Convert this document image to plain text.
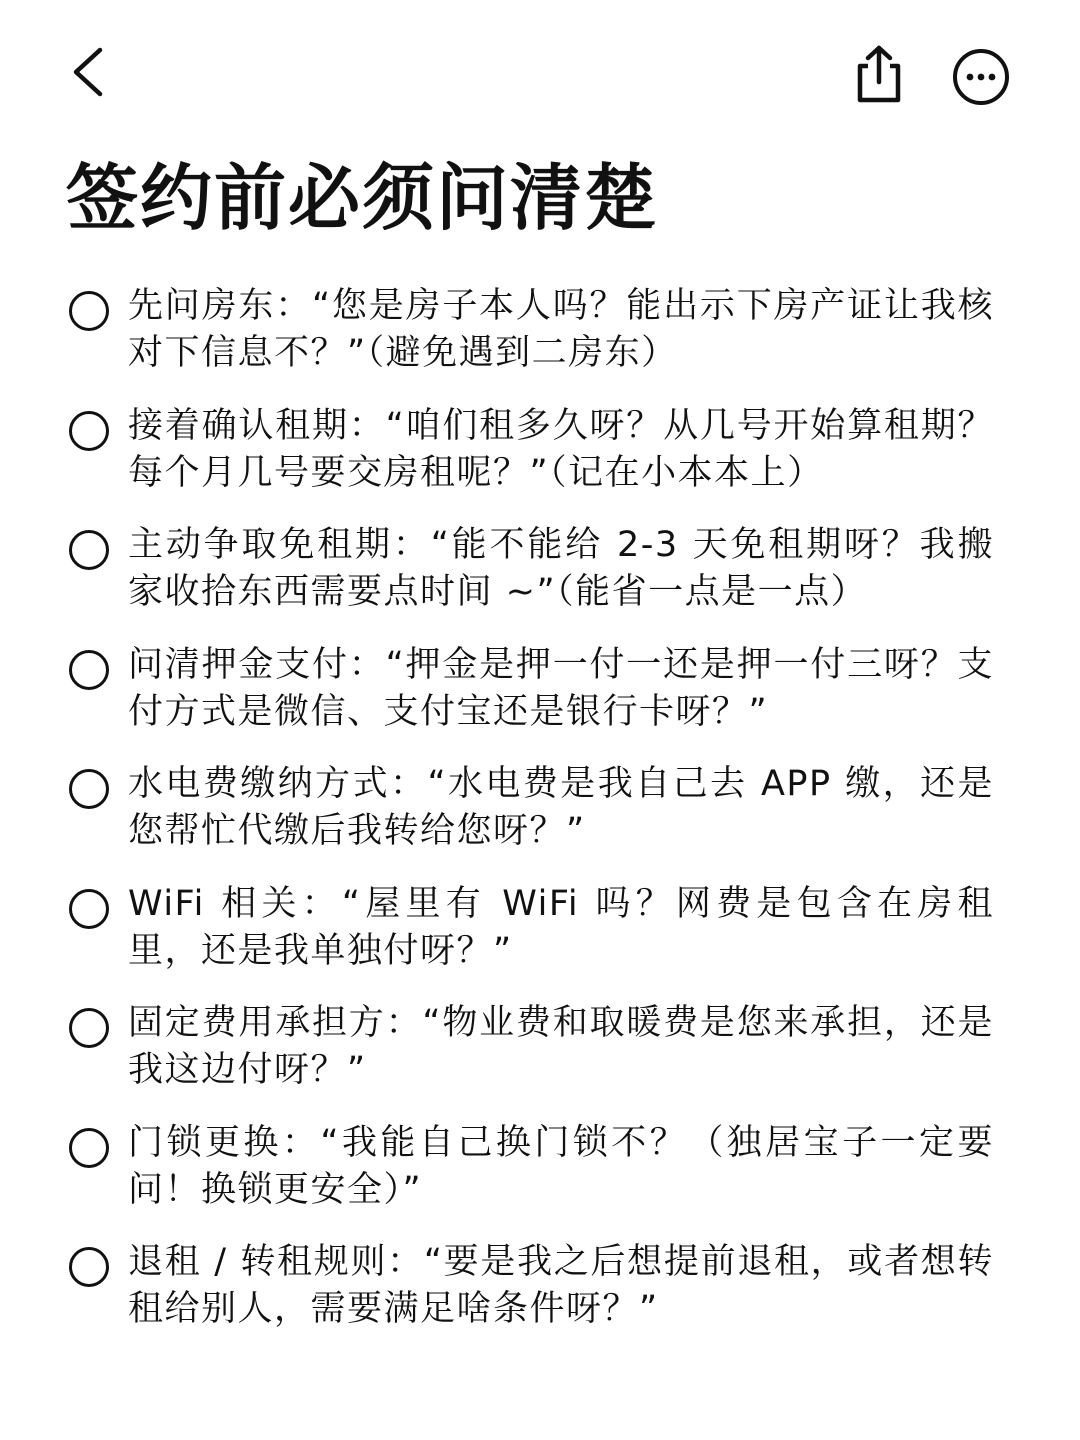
签约前必须问清楚

先问房东：“您是房子本人吗？能出示下房产证让我核对下信息不？”（避免遇到二房东）

接着确认租期：“咱们租多久呀？从几号开始算租期？每个月几号要交房租呢？”（记在小本本上）

主动争取免租期：“能不能给 2-3 天免租期呀？我搬家收拾东西需要点时间 ~”（能省一点是一点）

问清押金支付：“押金是押一付一还是押一付三呀？支付方式是微信、支付宝还是银行卡呀？”

水电费缴纳方式：“水电费是我自己去 APP 缴，还是您帮忙代缴后我转给您呀？”

WiFi 相关：“屋里有 WiFi 吗？网费是包含在房租里，还是我单独付呀？”

固定费用承担方：“物业费和取暖费是您来承担，还是我这边付呀？”

门锁更换：“我能自己换门锁不？（独居宝子一定要问！换锁更安全）”

退租 / 转租规则：“要是我之后想提前退租，或者想转租给别人，需要满足啥条件呀？”
